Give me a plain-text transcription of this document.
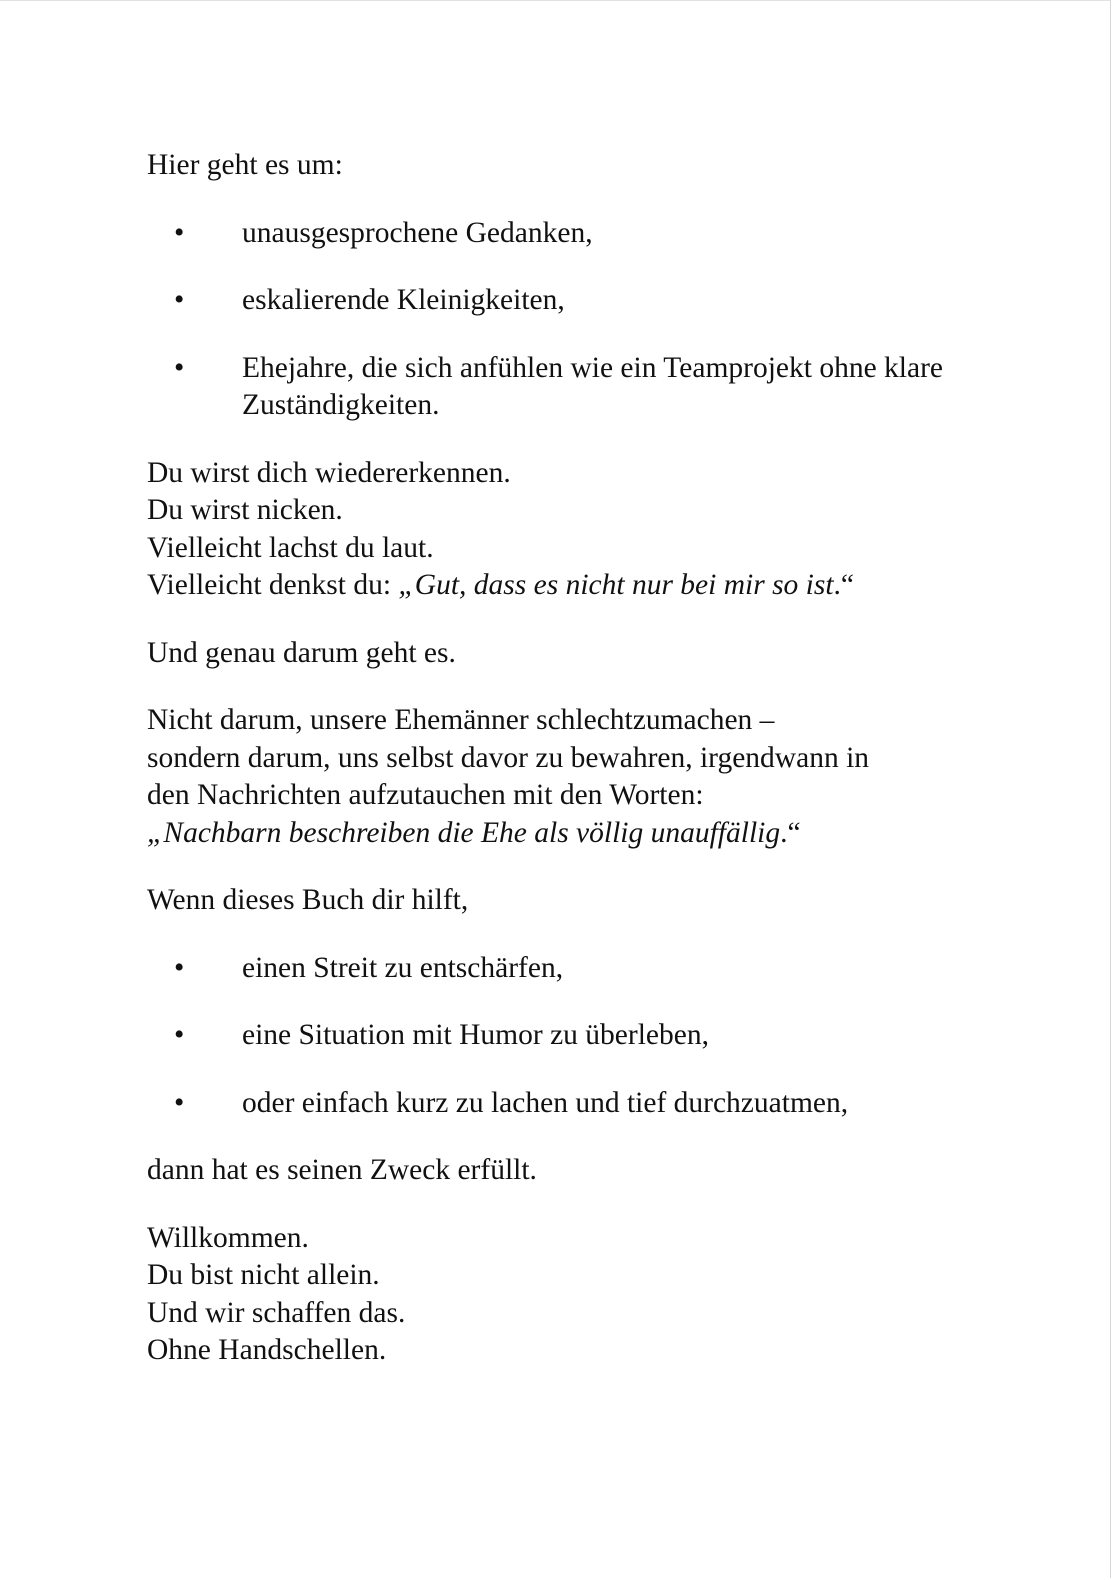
Hier geht es um:

• unausgesprochene Gedanken,
• eskalierende Kleinigkeiten,
• Ehejahre, die sich anfühlen wie ein Teamprojekt ohne klare Zuständigkeiten.

Du wirst dich wiedererkennen.

Du wirst nicken.

Vielleicht lachst du laut.

Vielleicht denkst du: „Gut, dass es nicht nur bei mir so ist.“

Und genau darum geht es.

Nicht darum, unsere Ehemänner schlechtzumachen –

sondern darum, uns selbst davor zu bewahren, irgendwann in

den Nachrichten aufzutauchen mit den Worten:

„Nachbarn beschreiben die Ehe als völlig unauffällig.“

Wenn dieses Buch dir hilft,

• einen Streit zu entschärfen,
• eine Situation mit Humor zu überleben,
• oder einfach kurz zu lachen und tief durchzuatmen,

dann hat es seinen Zweck erfüllt.

Willkommen.

Du bist nicht allein.

Und wir schaffen das.

Ohne Handschellen.
